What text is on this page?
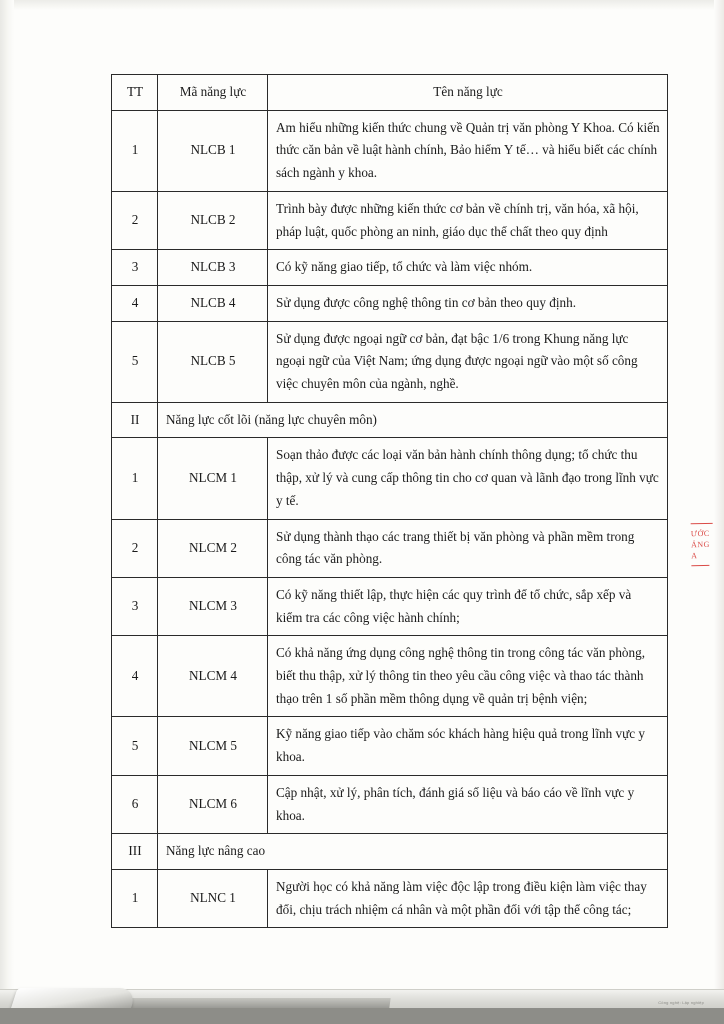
TT	Mã năng lực	Tên năng lực
1	NLCB 1	Am hiểu những kiến thức chung về Quản trị văn phòng Y Khoa. Có kiến thức căn bản về luật hành chính, Bảo hiểm Y tế… và hiểu biết các chính sách ngành y khoa.
2	NLCB 2	Trình bày được những kiến thức cơ bản về chính trị, văn hóa, xã hội, pháp luật, quốc phòng an ninh, giáo dục thể chất theo quy định
3	NLCB 3	Có kỹ năng giao tiếp, tổ chức và làm việc nhóm.
4	NLCB 4	Sử dụng được công nghệ thông tin cơ bản theo quy định.
5	NLCB 5	Sử dụng được ngoại ngữ cơ bản, đạt bậc 1/6 trong Khung năng lực ngoại ngữ của Việt Nam; ứng dụng được ngoại ngữ vào một số công việc chuyên môn của ngành, nghề.
II	Năng lực cốt lõi (năng lực chuyên môn)	
1	NLCM 1	Soạn thảo được các loại văn bản hành chính thông dụng; tổ chức thu thập, xử lý và cung cấp thông tin cho cơ quan và lãnh đạo trong lĩnh vực y tế.
2	NLCM 2	Sử dụng thành thạo các trang thiết bị văn phòng và phần mềm trong công tác văn phòng.
3	NLCM 3	Có kỹ năng thiết lập, thực hiện các quy trình để tổ chức, sắp xếp và kiểm tra các công việc hành chính;
4	NLCM 4	Có khả năng ứng dụng công nghệ thông tin trong công tác văn phòng, biết thu thập, xử lý thông tin theo yêu cầu công việc và thao tác thành thạo trên 1 số phần mềm thông dụng về quản trị bệnh viện;
5	NLCM 5	Kỹ năng giao tiếp vào chăm sóc khách hàng hiệu quả trong lĩnh vực y khoa.
6	NLCM 6	Cập nhật, xử lý, phân tích, đánh giá số liệu và báo cáo về lĩnh vực y khoa.
III	Năng lực nâng cao	
1	NLNC 1	Người học có khả năng làm việc độc lập trong điều kiện làm việc thay đổi, chịu trách nhiệm cá nhân và một phần đối với tập thể công tác;
ƯỚC
ẢNG
A
Công nghệ: Lập nghiệp
